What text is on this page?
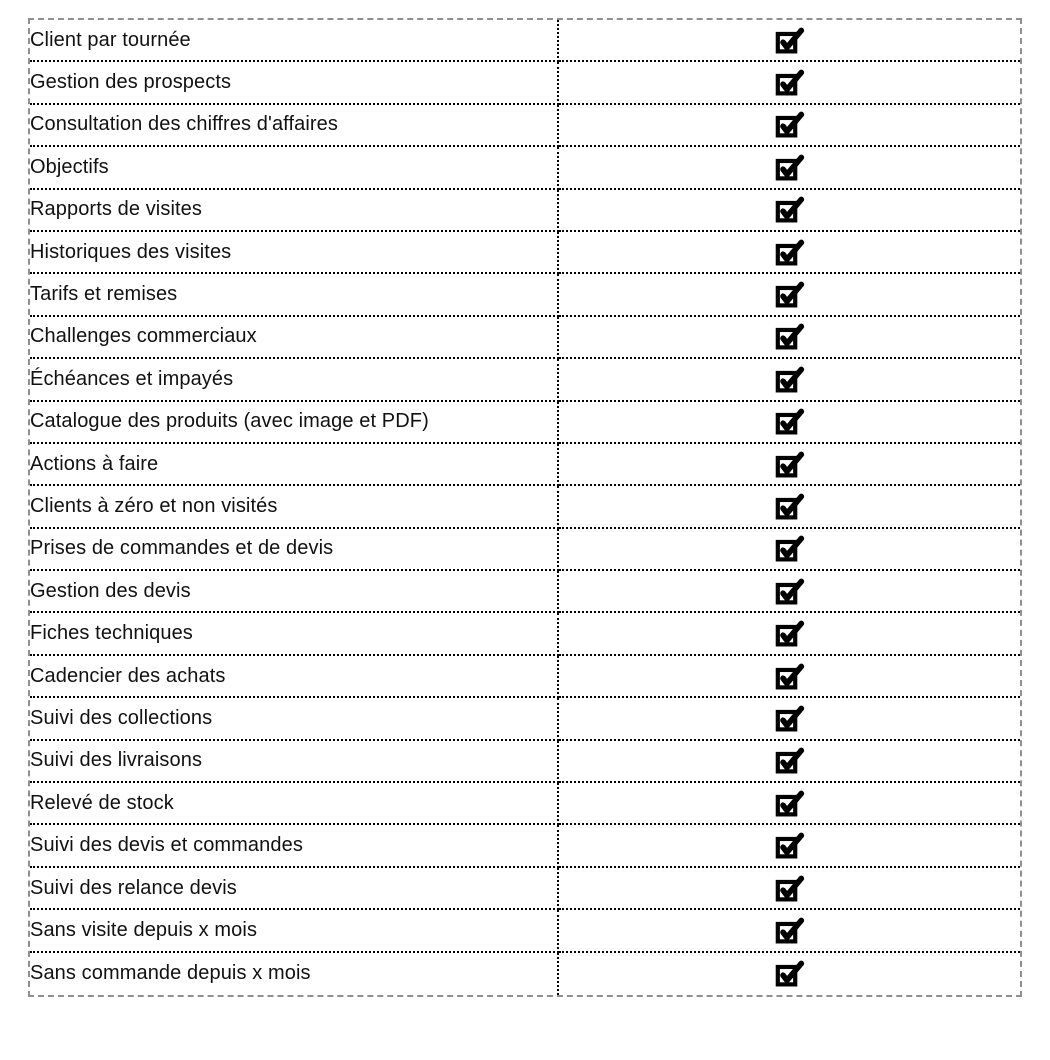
Client par tournée	
Gestion des prospects	
Consultation des chiffres d'affaires	
Objectifs	
Rapports de visites	
Historiques des visites	
Tarifs et remises	
Challenges commerciaux	
Échéances et impayés	
Catalogue des produits (avec image et PDF)	
Actions à faire	
Clients à zéro et non visités	
Prises de commandes et de devis	
Gestion des devis	
Fiches techniques	
Cadencier des achats	
Suivi des collections	
Suivi des livraisons	
Relevé de stock	
Suivi des devis et commandes	
Suivi des relance devis	
Sans visite depuis x mois	
Sans commande depuis x mois	
